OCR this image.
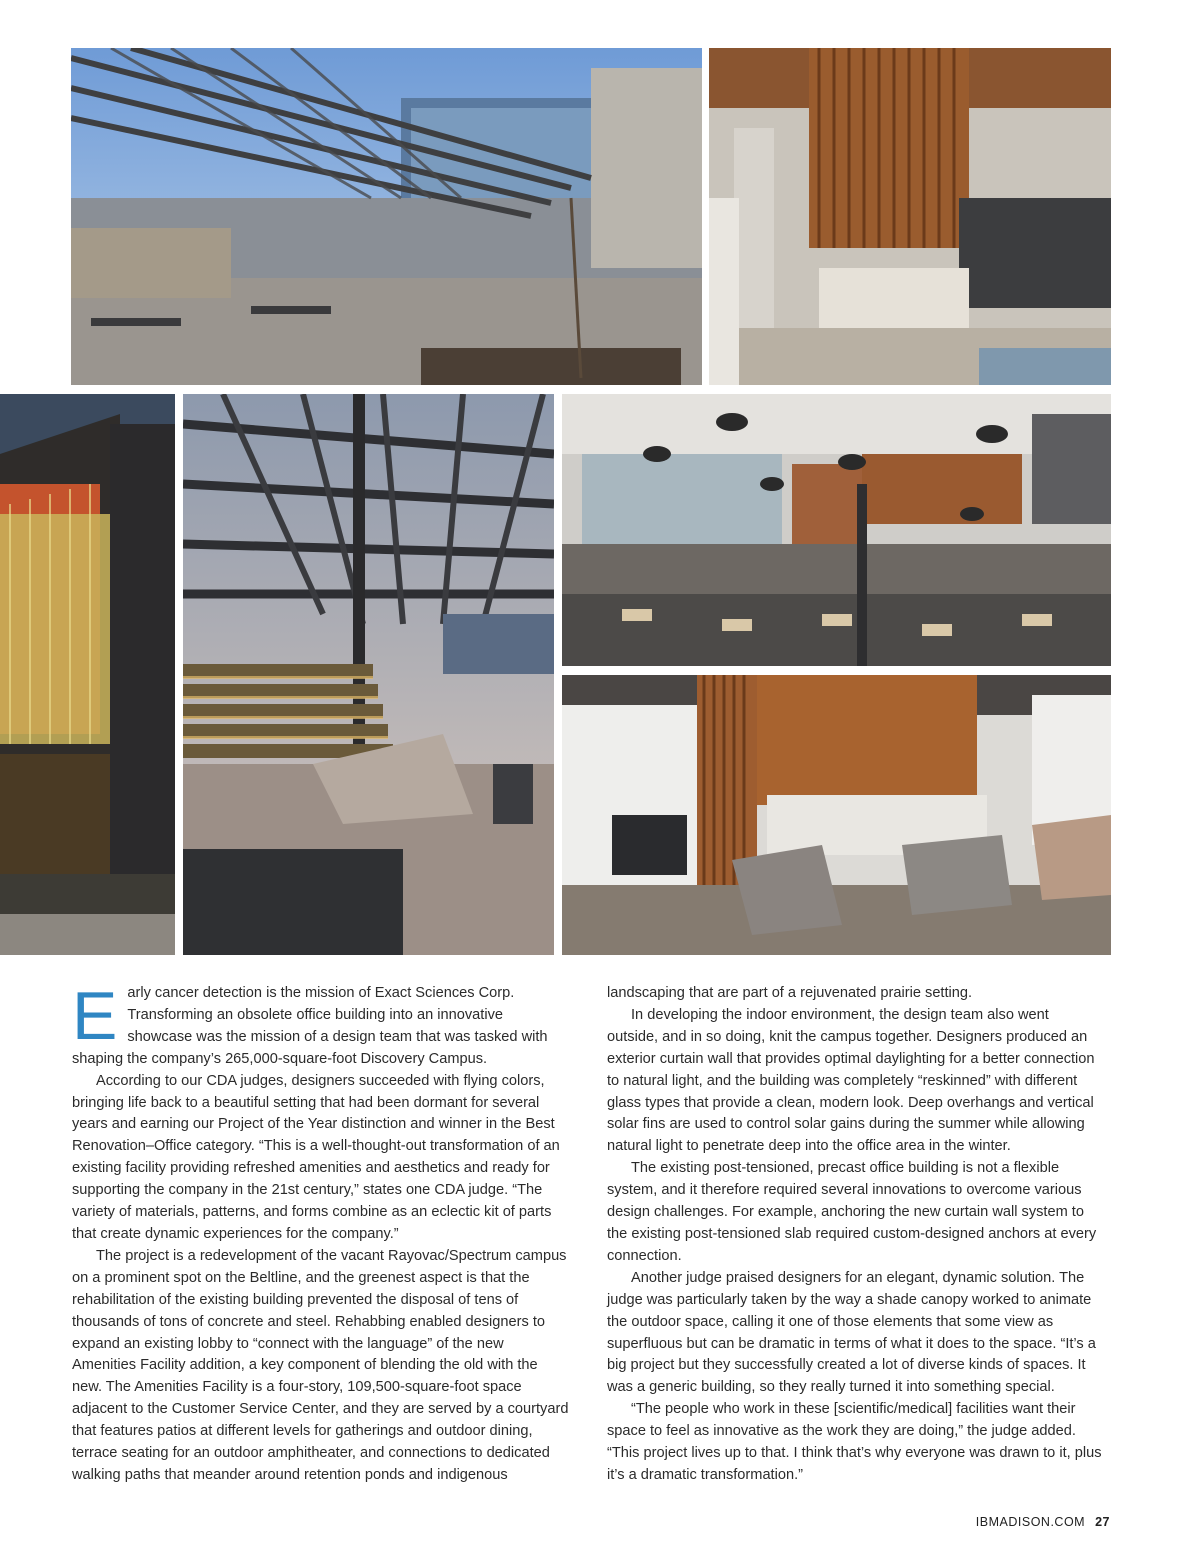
E arly cancer detection is the mission of Exact Sciences Corp. Transforming an obsolete office building into an innovative showcase was the mission of a design team that was tasked with shaping the company’s 265,000-square-foot Discovery Campus.

According to our CDA judges, designers succeeded with flying colors, bringing life back to a beautiful setting that had been dormant for several years and earning our Project of the Year distinction and winner in the Best Renovation–Office category. “This is a well-thought-out transformation of an existing facility providing refreshed amenities and aesthetics and ready for supporting the company in the 21st century,” states one CDA judge. “The variety of materials, patterns, and forms combine as an eclectic kit of parts that create dynamic experiences for the company.”

The project is a redevelopment of the vacant Rayovac/Spectrum campus on a prominent spot on the Beltline, and the greenest aspect is that the rehabilitation of the existing building prevented the disposal of tens of thousands of tons of concrete and steel. Rehabbing enabled designers to expand an existing lobby to “connect with the language” of the new Amenities Facility addition, a key component of blending the old with the new. The Amenities Facility is a four-story, 109,500-square-foot space adjacent to the Customer Service Center, and they are served by a courtyard that features patios at different levels for gatherings and outdoor dining, terrace seating for an outdoor amphitheater, and connections to dedicated walking paths that meander around retention ponds and indigenous

landscaping that are part of a rejuvenated prairie setting.

In developing the indoor environment, the design team also went outside, and in so doing, knit the campus together. Designers produced an exterior curtain wall that provides optimal daylighting for a better connection to natural light, and the building was completely “reskinned” with different glass types that provide a clean, modern look. Deep overhangs and vertical solar fins are used to control solar gains during the summer while allowing natural light to penetrate deep into the office area in the winter.

The existing post-tensioned, precast office building is not a flexible system, and it therefore required several innovations to overcome various design challenges. For example, anchoring the new curtain wall system to the existing post-tensioned slab required custom-designed anchors at every connection.

Another judge praised designers for an elegant, dynamic solution. The judge was particularly taken by the way a shade canopy worked to animate the outdoor space, calling it one of those elements that some view as superfluous but can be dramatic in terms of what it does to the space. “It’s a big project but they successfully created a lot of diverse kinds of spaces. It was a generic building, so they really turned it into something special.

“The people who work in these [scientific/medical] facilities want their space to feel as innovative as the work they are doing,” the judge added. “This project lives up to that. I think that’s why everyone was drawn to it, plus it’s a dramatic transformation.”

IBMADISON.COM 27
